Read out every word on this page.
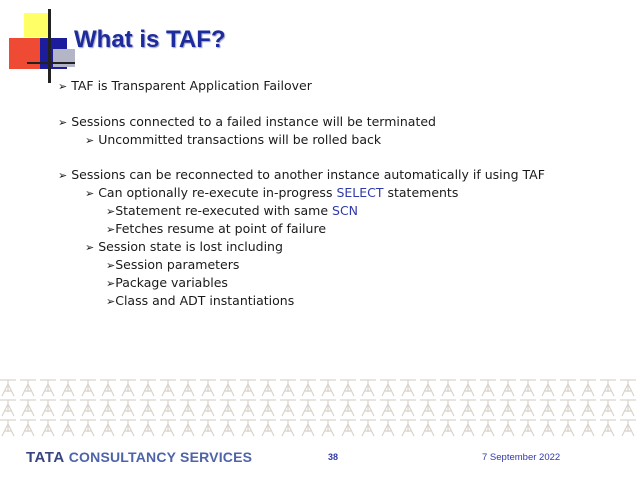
What is TAF?
➢ TAF is Transparent Application Failover
➢ Sessions connected to a failed instance will be terminated
➢ Uncommitted transactions will be rolled back
➢ Sessions can be reconnected to another instance automatically if using TAF
➢ Can optionally re-execute in-progress SELECT statements
➢Statement re-executed with same SCN
➢Fetches resume at point of failure
➢ Session state is lost including
➢Session parameters
➢Package variables
➢Class and ADT instantiations
TATA CONSULTANCY SERVICES	38	7 September 2022
